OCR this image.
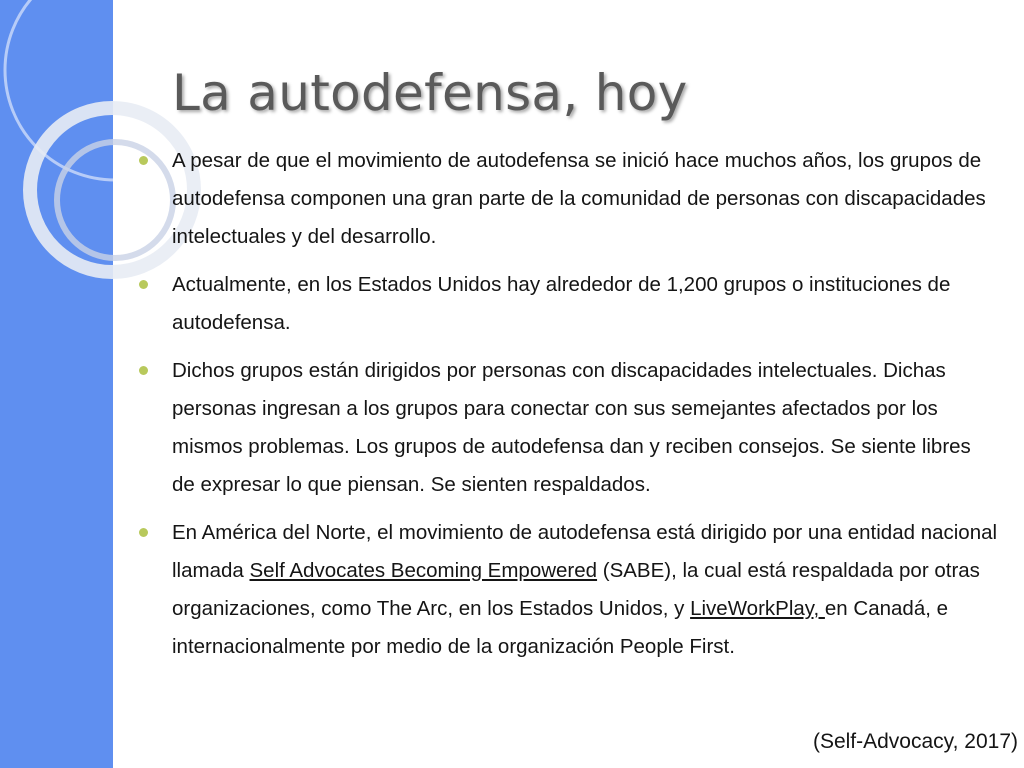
La autodefensa, hoy
A pesar de que el movimiento de autodefensa se inició hace muchos años, los grupos de autodefensa componen una gran parte de la comunidad de personas con discapacidades intelectuales y del desarrollo.
Actualmente, en los Estados Unidos hay alrededor de 1,200 grupos o instituciones de autodefensa.
Dichos grupos están dirigidos por personas con discapacidades intelectuales. Dichas personas ingresan a los grupos para conectar con sus semejantes afectados por los mismos problemas. Los grupos de autodefensa dan y reciben consejos. Se siente libres de expresar lo que piensan. Se sienten respaldados.
En América del Norte, el movimiento de autodefensa está dirigido por una entidad nacional llamada Self Advocates Becoming Empowered (SABE), la cual está respaldada por otras organizaciones, como The Arc, en los Estados Unidos, y LiveWorkPlay, en Canadá, e internacionalmente por medio de la organización People First.
(Self-Advocacy, 2017)
